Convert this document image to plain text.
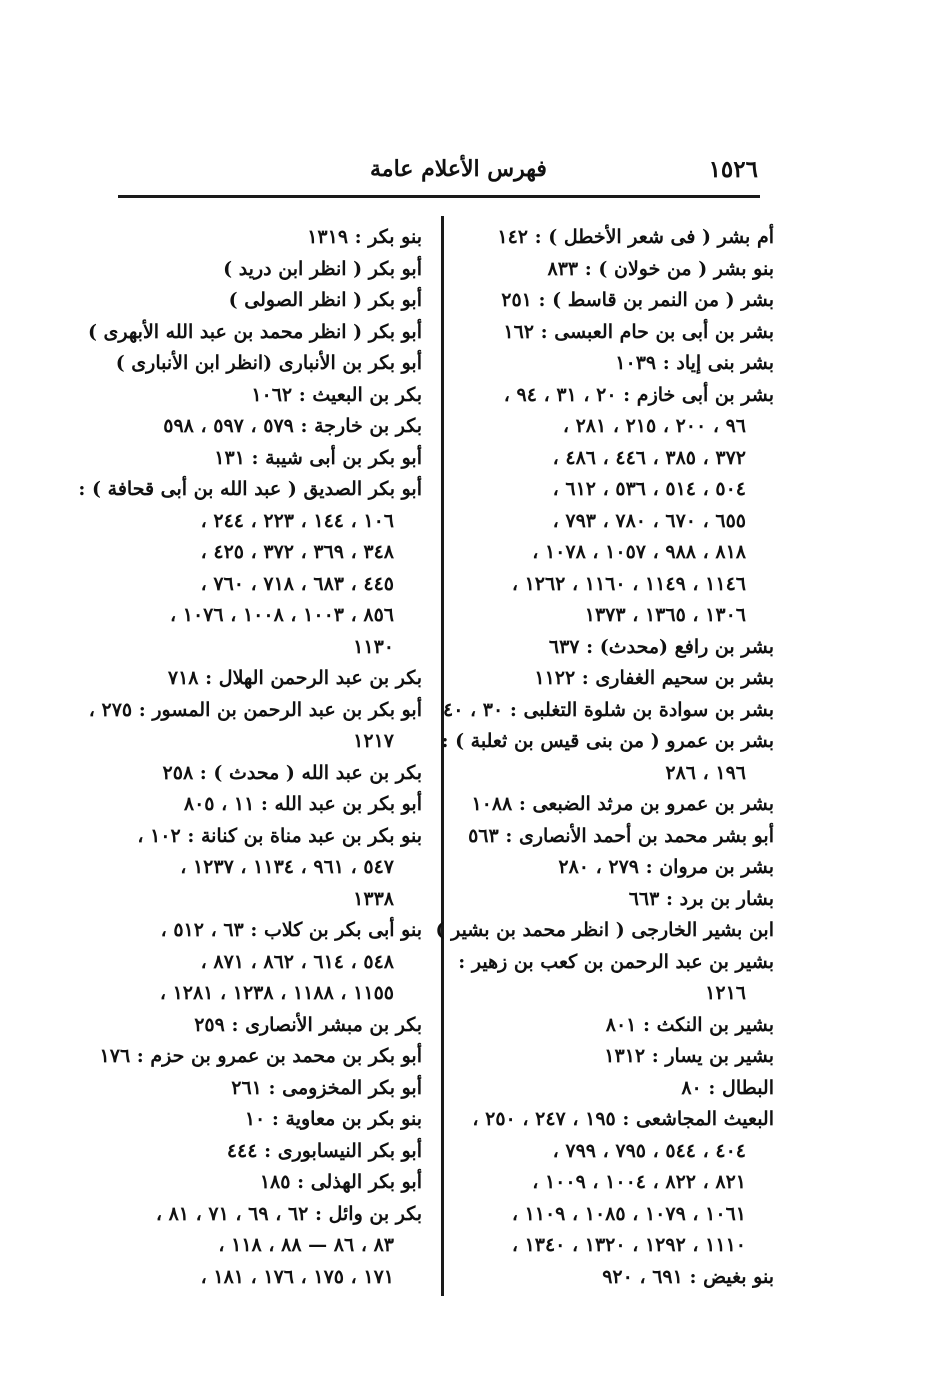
١٥٢٦
فهرس الأعلام عامة
أم بشر ( فى شعر الأخطل ) : ١٤٢
بنو بشر ( من خولان ) : ٨٣٣
بشر ( من النمر بن قاسط ) : ٢٥١
بشر بن أبى بن حام العبسى : ١٦٢
بشر بنى إياد : ١٠٣٩
بشر بن أبى خازم : ٢٠ ، ٣١ ، ٩٤ ،
٩٦ ، ٢٠٠ ، ٢١٥ ، ٢٨١ ،
٣٧٢ ، ٣٨٥ ، ٤٤٦ ، ٤٨٦ ،
٥٠٤ ، ٥١٤ ، ٥٣٦ ، ٦١٢ ،
٦٥٥ ، ٦٧٠ ، ٧٨٠ ، ٧٩٣ ،
٨١٨ ، ٩٨٨ ، ١٠٥٧ ، ١٠٧٨ ،
١١٤٦ ، ١١٤٩ ، ١١٦٠ ، ١٢٦٢ ،
١٣٠٦ ، ١٣٦٥ ، ١٣٧٣
بشر بن رافع (محدث) : ٦٣٧
بشر بن سحيم الغفارى : ١١٢٢
بشر بن سوادة بن شلوة التغلبى : ٣٠ ، ٤٠
بشر بن عمرو ( من بنى قيس بن ثعلبة ) :
١٩٦ ، ٢٨٦
بشر بن عمرو بن مرثد الضبعى : ١٠٨٨
أبو بشر محمد بن أحمد الأنصارى : ٥٦٣
بشر بن مروان : ٢٧٩ ، ٢٨٠
بشار بن برد : ٦٦٣
ابن بشير الخارجى ( انظر محمد بن بشير )
بشير بن عبد الرحمن بن كعب بن زهير :
١٢١٦
بشير بن النكث : ٨٠١
بشير بن يسار : ١٣١٢
البطال : ٨٠
البعيث المجاشعى : ١٩٥ ، ٢٤٧ ، ٢٥٠ ،
٤٠٤ ، ٥٤٤ ، ٧٩٥ ، ٧٩٩ ،
٨٢١ ، ٨٢٢ ، ١٠٠٤ ، ١٠٠٩ ،
١٠٦١ ، ١٠٧٩ ، ١٠٨٥ ، ١١٠٩ ،
١١١٠ ، ١٢٩٢ ، ١٣٢٠ ، ١٣٤٠ ،
بنو بغيض : ٦٩١ ، ٩٢٠
بنو بكر : ١٣١٩
أبو بكر ( انظر ابن دريد )
أبو بكر ( انظر الصولى )
أبو بكر ( انظر محمد بن عبد الله الأبهرى )
أبو بكر بن الأنبارى (انظر ابن الأنبارى )
بكر بن البعيث : ١٠٦٢
بكر بن خارجة : ٥٧٩ ، ٥٩٧ ، ٥٩٨
أبو بكر بن أبى شيبة : ١٣١
أبو بكر الصديق ( عبد الله بن أبى قحافة ) :
١٠٦ ، ١٤٤ ، ٢٢٣ ، ٢٤٤ ،
٣٤٨ ، ٣٦٩ ، ٣٧٢ ، ٤٢٥ ،
٤٤٥ ، ٦٨٣ ، ٧١٨ ، ٧٦٠ ،
٨٥٦ ، ١٠٠٣ ، ١٠٠٨ ، ١٠٧٦ ،
١١٣٠
بكر بن عبد الرحمن الهلال : ٧١٨
أبو بكر بن عبد الرحمن بن المسور : ٢٧٥ ،
١٢١٧
بكر بن عبد الله ( محدث ) : ٢٥٨
أبو بكر بن عبد الله : ١١ ، ٨٠٥
بنو بكر بن عبد مناة بن كنانة : ١٠٢ ،
٥٤٧ ، ٩٦١ ، ١١٣٤ ، ١٢٣٧ ،
١٣٣٨
بنو أبى بكر بن كلاب : ٦٣ ، ٥١٢ ،
٥٤٨ ، ٦١٤ ، ٨٦٢ ، ٨٧١ ،
١١٥٥ ، ١١٨٨ ، ١٢٣٨ ، ١٢٨١ ،
بكر بن مبشر الأنصارى : ٢٥٩
أبو بكر بن محمد بن عمرو بن حزم : ١٧٦
أبو بكر المخزومى : ٢٦١
بنو بكر بن معاوية : ١٠
أبو بكر النيسابورى : ٤٤٤
أبو بكر الهذلى : ١٨٥
بكر بن وائل : ٦٢ ، ٦٩ ، ٧١ ، ٨١ ،
٨٣ ، ٨٦ — ٨٨ ، ١١٨ ،
١٧١ ، ١٧٥ ، ١٧٦ ، ١٨١ ،
